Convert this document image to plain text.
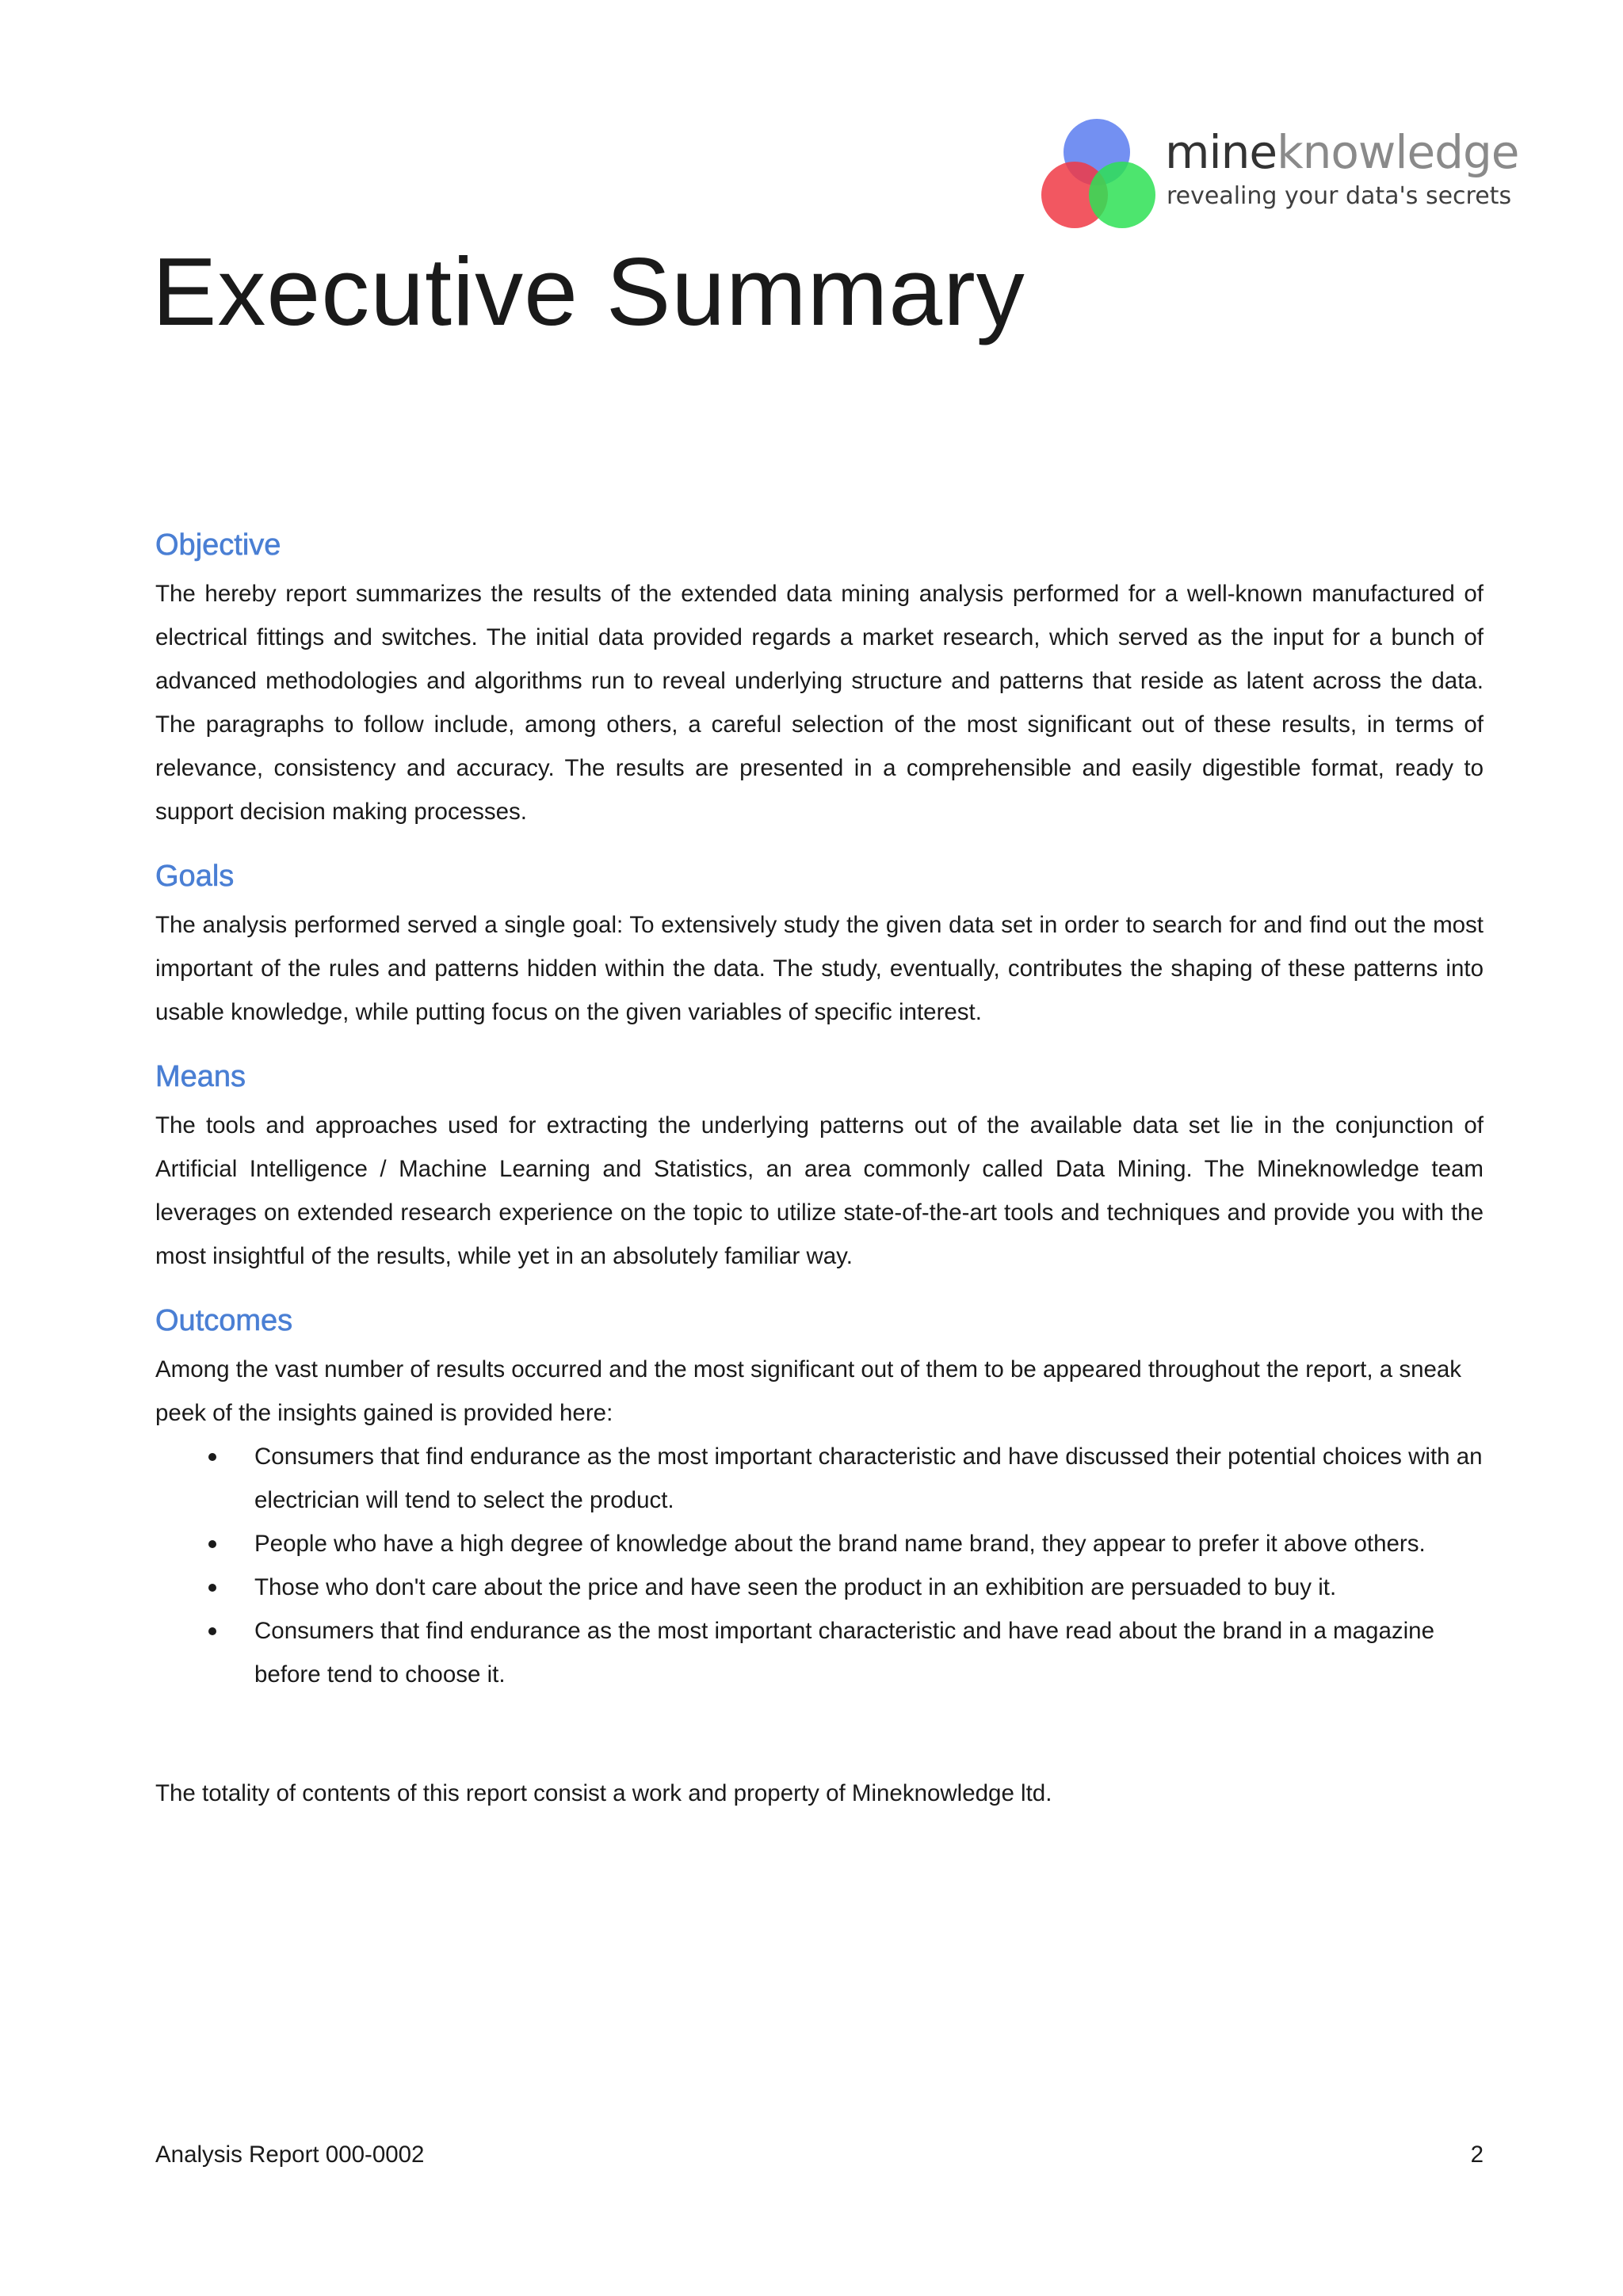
mineknowledge
revealing your data's secrets
Executive Summary
Objective

The hereby report summarizes the results of the extended data mining analysis performed for a well-known manufactured of electrical fittings and switches. The initial data provided regards a market research, which served as the input for a bunch of advanced methodologies and algorithms run to reveal underlying structure and patterns that reside as latent across the data. The paragraphs to follow include, among others, a careful selection of the most significant out of these results, in terms of relevance, consistency and accuracy. The results are presented in a comprehensible and easily digestible format, ready to support decision making processes.

Goals

The analysis performed served a single goal: To extensively study the given data set in order to search for and find out the most important of the rules and patterns hidden within the data. The study, eventually, contributes the shaping of these patterns into usable knowledge, while putting focus on the given variables of specific interest.

Means

The tools and approaches used for extracting the underlying patterns out of the available data set lie in the conjunction of Artificial Intelligence / Machine Learning and Statistics, an area commonly called Data Mining. The Mineknowledge team leverages on extended research experience on the topic to utilize state-of-the-art tools and techniques and provide you with the most insightful of the results, while yet in an absolutely familiar way.

Outcomes

Among the vast number of results occurred and the most significant out of them to be appeared throughout the report, a sneak peek of the insights gained is provided here:

Consumers that find endurance as the most important characteristic and have discussed their potential choices with an electrician will tend to select the product.
People who have a high degree of knowledge about the brand name brand, they appear to prefer it above others.
Those who don't care about the price and have seen the product in an exhibition are persuaded to buy it.
Consumers that find endurance as the most important characteristic and have read about the brand in a magazine before tend to choose it.

The totality of contents of this report consist a work and property of Mineknowledge ltd.

Analysis Report 000-0002	2
